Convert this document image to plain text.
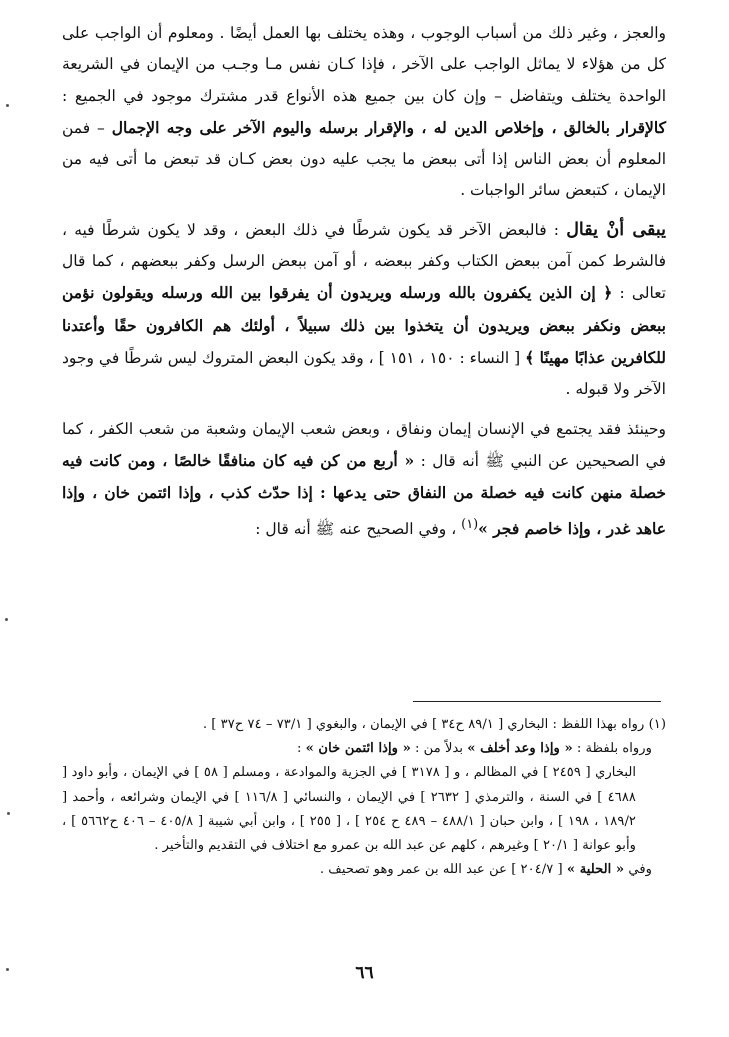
والعجز ، وغير ذلك من أسباب الوجوب ، وهذه يختلف بها العمل أيضًا . ومعلوم أن الواجب على كل من هؤلاء لا يماثل الواجب على الآخر ، فإذا كـان نفس مـا وجـب من الإيمان في الشريعة الواحدة يختلف ويتفاضل – وإن كان بين جميع هذه الأنواع قدر مشترك موجود في الجميع : كالإقرار بالخالق ، وإخلاص الدين له ، والإقرار برسله واليوم الآخر على وجه الإجمال – فمن المعلوم أن بعض الناس إذا أتى ببعض ما يجب عليه دون بعض كـان قد تبعض ما أتى فيه من الإيمان ، كتبعض سائر الواجبات .

يبقى أنْ يقال : فالبعض الآخر قد يكون شرطًا في ذلك البعض ، وقد لا يكون شرطًا فيه ، فالشرط كمن آمن ببعض الكتاب وكفر ببعضه ، أو آمن ببعض الرسل وكفر ببعضهم ، كما قال تعالى : ﴿ إن الذين يكفرون بالله ورسله ويريدون أن يفرقوا بين الله ورسله ويقولون نؤمن ببعض ونكفر ببعض ويريدون أن يتخذوا بين ذلك سبيلاً ، أولئك هم الكافرون حقًا وأعتدنا للكافرين عذابًا مهينًا ﴾ [ النساء : ١٥٠ ، ١٥١ ] ، وقد يكون البعض المتروك ليس شرطًا في وجود الآخر ولا قبوله .

وحينئذ فقد يجتمع في الإنسان إيمان ونفاق ، وبعض شعب الإيمان وشعبة من شعب الكفر ، كما في الصحيحين عن النبي ﷺ أنه قال : « أربع من كن فيه كان منافقًا خالصًا ، ومن كانت فيه خصلة منهن كانت فيه خصلة من النفاق حتى يدعها : إذا حدّث كذب ، وإذا ائتمن خان ، وإذا عاهد غدر ، وإذا خاصم فجر »$^{(١)}$ ، وفي الصحيح عنه ﷺ أنه قال :

(١) رواه بهذا اللفظ : البخاري [ ٨٩/١ ح٣٤ ] في الإيمان ، والبغوي [ ٧٣/١ – ٧٤ ح٣٧ ] .

ورواه بلفظة : « وإذا وعد أخلف » بدلاً من : « وإذا ائتمن خان » :

البخاري [ ٢٤٥٩ ] في المظالم ، و [ ٣١٧٨ ] في الجزية والموادعة ، ومسلم [ ٥٨ ] في الإيمان ، وأبو داود [ ٤٦٨٨ ] في السنة ، والترمذي [ ٢٦٣٢ ] في الإيمان ، والنسائي [ ١١٦/٨ ] في الإيمان وشرائعه ، وأحمد [ ١٨٩/٢ ، ١٩٨ ] ، وابن حبان [ ٤٨٨/١ – ٤٨٩ ح ٢٥٤ ] ، [ ٢٥٥ ] ، وابن أبي شيبة [ ٤٠٥/٨ – ٤٠٦ ح٥٦٦٢ ] ، وأبو عوانة [ ٢٠/١ ] وغيرهم ، كلهم عن عبد الله بن عمرو مع اختلاف في التقديم والتأخير .

وفي « الحلية » [ ٢٠٤/٧ ] عن عبد الله بن عمر وهو تصحيف .

٦٦
